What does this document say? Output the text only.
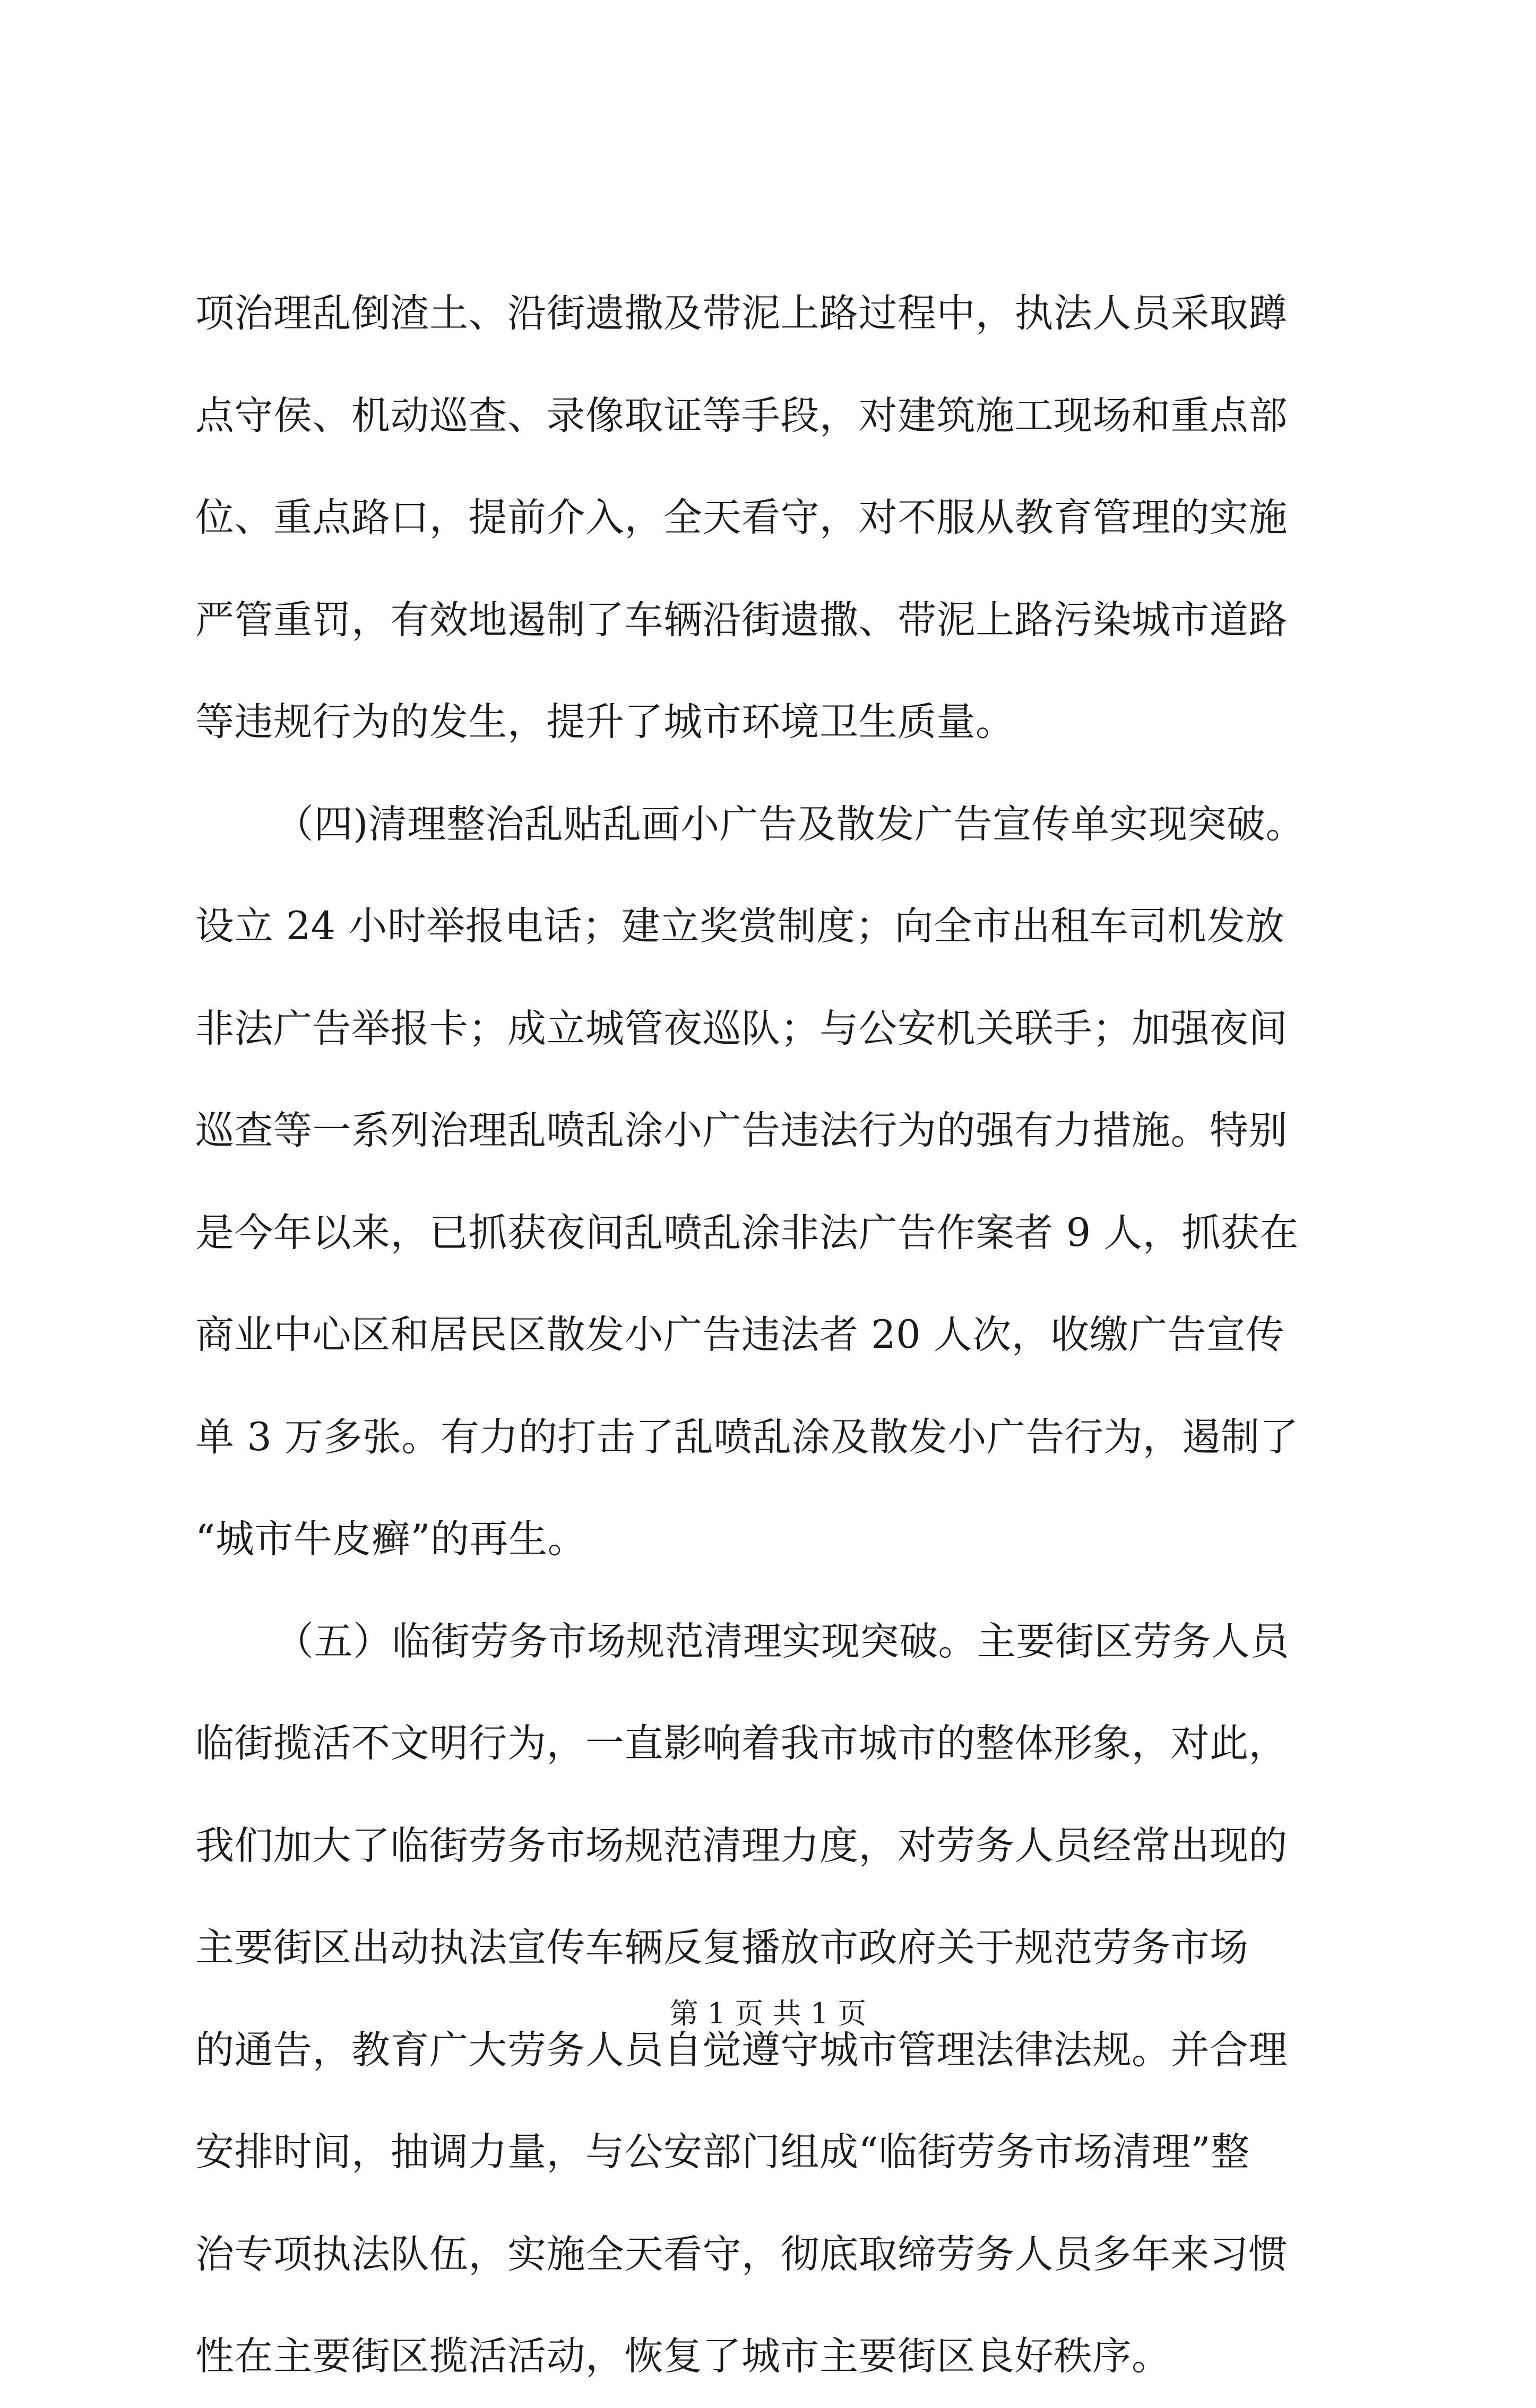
项治理乱倒渣土、沿街遗撒及带泥上路过程中，执法人员采取蹲
点守侯、机动巡查、录像取证等手段，对建筑施工现场和重点部
位、重点路口，提前介入，全天看守，对不服从教育管理的实施
严管重罚，有效地遏制了车辆沿街遗撒、带泥上路污染城市道路
等违规行为的发生，提升了城市环境卫生质量。
（四)清理整治乱贴乱画小广告及散发广告宣传单实现突破。
设立 24 小时举报电话；建立奖赏制度；向全市出租车司机发放
非法广告举报卡；成立城管夜巡队；与公安机关联手；加强夜间
巡查等一系列治理乱喷乱涂小广告违法行为的强有力措施。特别
是今年以来，已抓获夜间乱喷乱涂非法广告作案者 9 人，抓获在
商业中心区和居民区散发小广告违法者 20 人次，收缴广告宣传
单 3 万多张。有力的打击了乱喷乱涂及散发小广告行为，遏制了
“城市牛皮癣”的再生。
（五）临街劳务市场规范清理实现突破。主要街区劳务人员
临街揽活不文明行为，一直影响着我市城市的整体形象，对此，
我们加大了临街劳务市场规范清理力度，对劳务人员经常出现的
主要街区出动执法宣传车辆反复播放市政府关于规范劳务市场
的通告，教育广大劳务人员自觉遵守城市管理法律法规。并合理
安排时间，抽调力量，与公安部门组成“临街劳务市场清理”整
治专项执法队伍，实施全天看守，彻底取缔劳务人员多年来习惯
性在主要街区揽活活动，恢复了城市主要街区良好秩序。
第 1 页 共 1 页
